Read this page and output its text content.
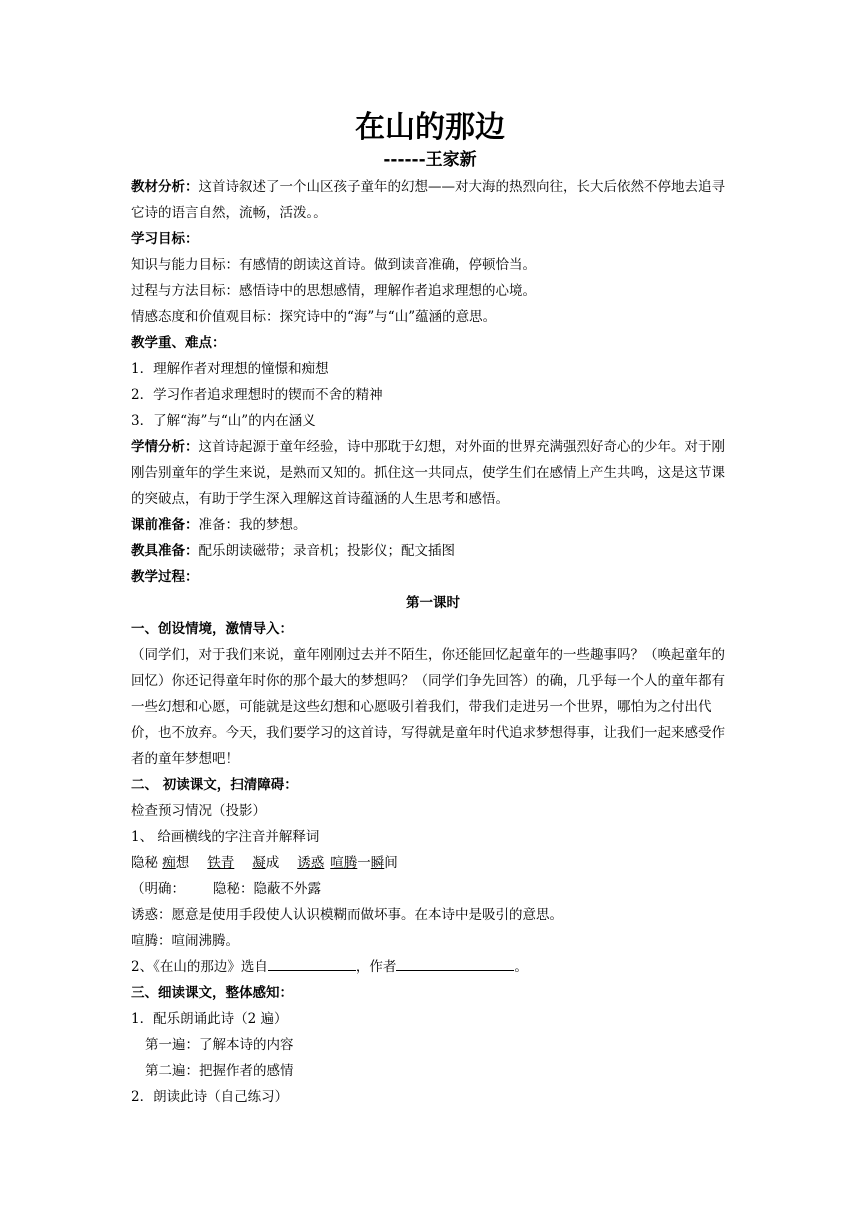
在山的那边
------王家新

教材分析：这首诗叙述了一个山区孩子童年的幻想——对大海的热烈向往，长大后依然不停地去追寻它诗的语言自然，流畅，活泼。。

学习目标：

知识与能力目标：有感情的朗读这首诗。做到读音准确，停顿恰当。

过程与方法目标：感悟诗中的思想感情，理解作者追求理想的心境。

情感态度和价值观目标：探究诗中的“海”与“山”蕴涵的意思。

教学重、难点：

1．理解作者对理想的憧憬和痴想

2．学习作者追求理想时的锲而不舍的精神

3．了解“海”与“山”的内在涵义

学情分析：这首诗起源于童年经验，诗中那耽于幻想，对外面的世界充满强烈好奇心的少年。对于刚刚告别童年的学生来说，是熟而又知的。抓住这一共同点，使学生们在感情上产生共鸣，这是这节课的突破点，有助于学生深入理解这首诗蕴涵的人生思考和感悟。

课前准备：准备：我的梦想。

教具准备：配乐朗读磁带；录音机；投影仪；配文插图

教学过程：

第一课时

一、创设情境，激情导入：

（同学们，对于我们来说，童年刚刚过去并不陌生，你还能回忆起童年的一些趣事吗？（唤起童年的回忆）你还记得童年时你的那个最大的梦想吗？（同学们争先回答）的确，几乎每一个人的童年都有一些幻想和心愿，可能就是这些幻想和心愿吸引着我们，带我们走进另一个世界，哪怕为之付出代价，也不放弃。今天，我们要学习的这首诗，写得就是童年时代追求梦想得事，让我们一起来感受作者的童年梦想吧！

二、 初读课文，扫清障碍：

检查预习情况（投影）

1、 给画横线的字注音并解释词

隐秘 痴想 铁青 凝成 诱惑 喧腾一瞬间

（明确： 隐秘：隐蔽不外露

诱惑：愿意是使用手段使人认识模糊而做坏事。在本诗中是吸引的意思。

喧腾：喧闹沸腾。

2、《在山的那边》选自	，作者	。

三、细读课文，整体感知：

1．配乐朗诵此诗（2 遍）

第一遍：了解本诗的内容

第二遍：把握作者的感情

2．朗读此诗（自己练习）
